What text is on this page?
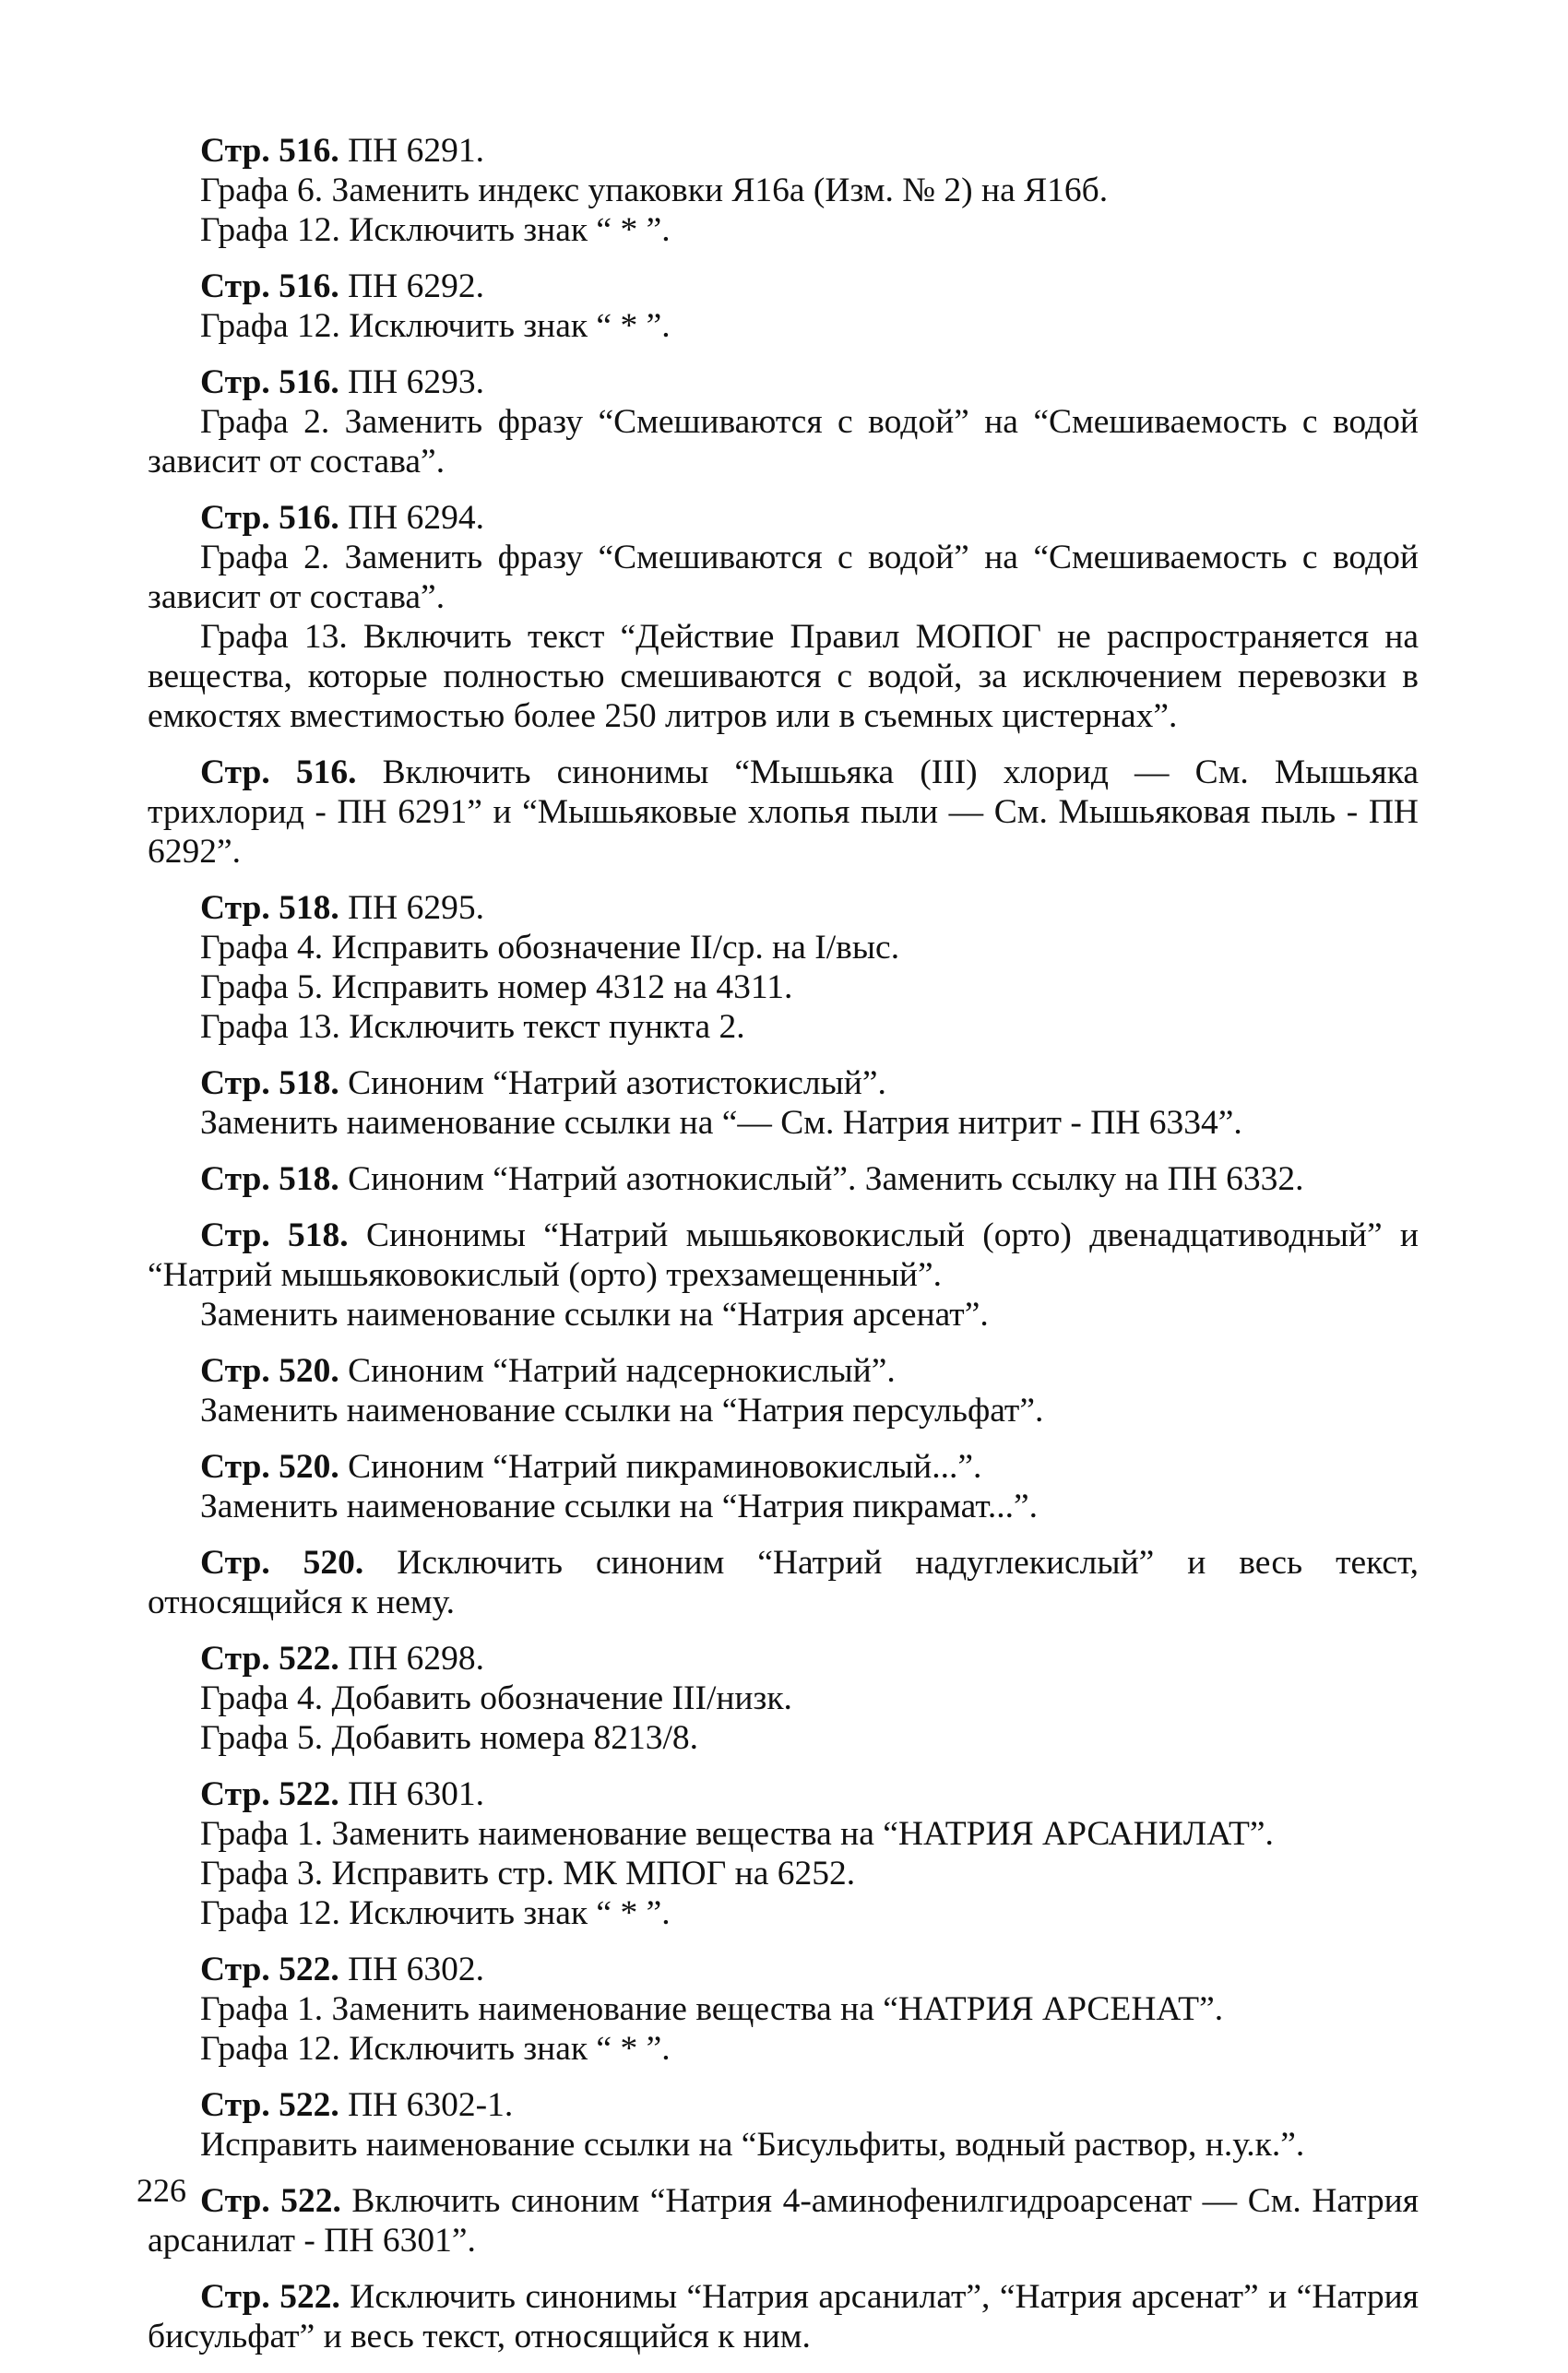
Стр. 516. ПН 6291.
Графа 6. Заменить индекс упаковки Я16а (Изм. № 2) на Я16б.
Графа 12. Исключить знак “ * ”.
Стр. 516. ПН 6292.
Графа 12. Исключить знак “ * ”.
Стр. 516. ПН 6293.
Графа 2. Заменить фразу “Смешиваются с водой” на “Смешиваемость с водой зависит от состава”.
Стр. 516. ПН 6294.
Графа 2. Заменить фразу “Смешиваются с водой” на “Смешиваемость с водой зависит от состава”.
Графа 13. Включить текст “Действие Правил МОПОГ не распространяется на вещества, которые полностью смешиваются с водой, за исключением перевозки в емкостях вместимостью более 250 литров или в съемных цистернах”.
Стр. 516. Включить синонимы “Мышьяка (III) хлорид — См. Мышьяка трихлорид - ПН 6291” и “Мышьяковые хлопья пыли — См. Мышьяковая пыль - ПН 6292”.
Стр. 518. ПН 6295.
Графа 4. Исправить обозначение II/ср. на I/выс.
Графа 5. Исправить номер 4312 на 4311.
Графа 13. Исключить текст пункта 2.
Стр. 518. Синоним “Натрий азотистокислый”.
Заменить наименование ссылки на “— См. Натрия нитрит - ПН 6334”.
Стр. 518. Синоним “Натрий азотнокислый”. Заменить ссылку на ПН 6332.
Стр. 518. Синонимы “Натрий мышьяковокислый (орто) двенадцативодный” и “Натрий мышьяковокислый (орто) трехзамещенный”.
Заменить наименование ссылки на “Натрия арсенат”.
Стр. 520. Синоним “Натрий надсернокислый”.
Заменить наименование ссылки на “Натрия персульфат”.
Стр. 520. Синоним “Натрий пикраминовокислый...”.
Заменить наименование ссылки на “Натрия пикрамат...”.
Стр. 520. Исключить синоним “Натрий надуглекислый” и весь текст, относящийся к нему.
Стр. 522. ПН 6298.
Графа 4. Добавить обозначение III/низк.
Графа 5. Добавить номера 8213/8.
Стр. 522. ПН 6301.
Графа 1. Заменить наименование вещества на “НАТРИЯ АРСАНИЛАТ”.
Графа 3. Исправить стр. МК МПОГ на 6252.
Графа 12. Исключить знак “ * ”.
Стр. 522. ПН 6302.
Графа 1. Заменить наименование вещества на “НАТРИЯ АРСЕНАТ”.
Графа 12. Исключить знак “ * ”.
Стр. 522. ПН 6302-1.
Исправить наименование ссылки на “Бисульфиты, водный раствор, н.у.к.”.
Стр. 522. Включить синоним “Натрия 4-аминофенилгидроарсенат — См. Натрия арсанилат - ПН 6301”.
Стр. 522. Исключить синонимы “Натрия арсанилат”, “Натрия арсенат” и “Натрия бисульфат” и весь текст, относящийся к ним.
226
